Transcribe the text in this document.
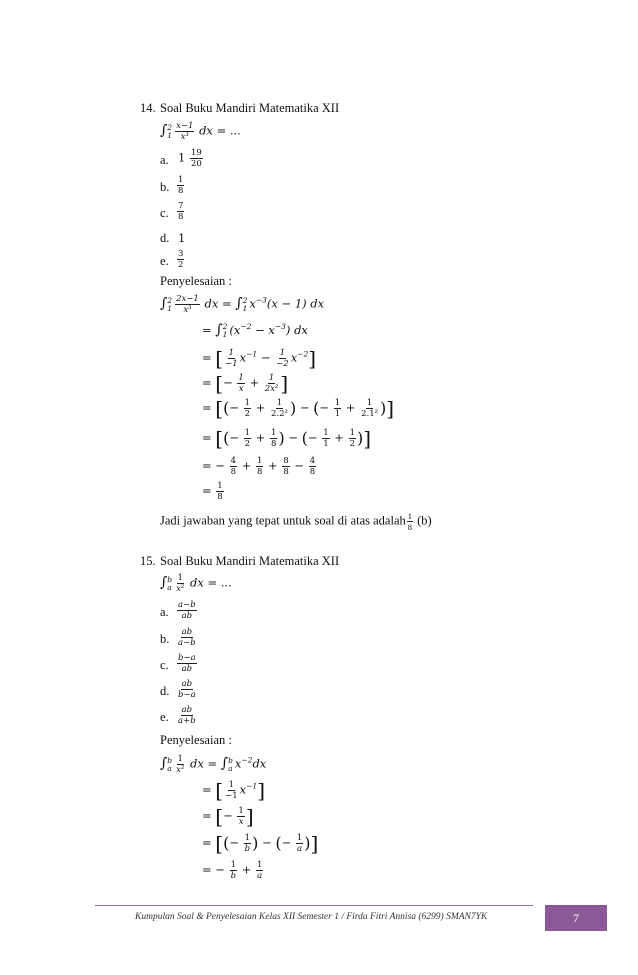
14. Soal Buku Mandiri Matematika XII
∫ 2
$1 \frac{x-1}{\text{x³}}$ dx = ...
a. $1 \frac{19}{20}$
b. $\frac{1}{8}$
c. $\frac{7}{8}$
d. 1
e. $\frac{3}{2}$
Penyelesaian :
∫ 2
$1 \frac{2x-1}{\text{x³}}$ dx = ∫ 2
1 $x^{-3}(x - 1)$ dx
= ∫ 2
1 $(x^{-2} - x^{-3})$ dx
= [ $\frac{1}{-1} x^{-1} - \frac{1}{-2} x^{-2}$]
= [− $\frac{1}{x} + \frac{1}{\text{2x²}}$ ]
= [(− $\frac{1}{2} + \frac{1}{\text{2.2²}}$ ) − (− $\frac{1}{1} + \frac{1}{\text{2.1²}}$ )]
= [(− $\frac{1}{2} + \frac{1}{8}$ ) − (− $\frac{1}{1} + \frac{1}{2}$ )]
= − $\frac{4}{8} + \frac{1}{8} + \frac{8}{8} - \frac{4}{8}$
= $\frac{1}{8}$
Jadi jawaban yang tepat untuk soal di atas adalah $\frac{1}{8} (b)$
15. Soal Buku Mandiri Matematika XII
∫ b
a $\frac{1}{\text{x²}}$ dx = ...
a. $\frac{a-b}{ab}$
b. $\frac{ab}{a-b}$
c. $\frac{b-a}{ab}$
d. $\frac{ab}{b-a}$
e. $\frac{ab}{a+b}$
Penyelesaian :
∫ b
a $\frac{1}{\text{x²}}$ dx = ∫ b
a $x^{-2}dx$
= [ $\frac{1}{-1} x^{-1}$]
= [− $\frac{1}{x}$ ]
= [(− $\frac{1}{b}$ ) − (− $\frac{1}{a}$ )]
= − $\frac{1}{b} + \frac{1}{a}$
Kumpulan Soal & Penyelesaian Kelas XII Semester 1 / Firda Fitri Annisa (6299) SMAN7YK	7
